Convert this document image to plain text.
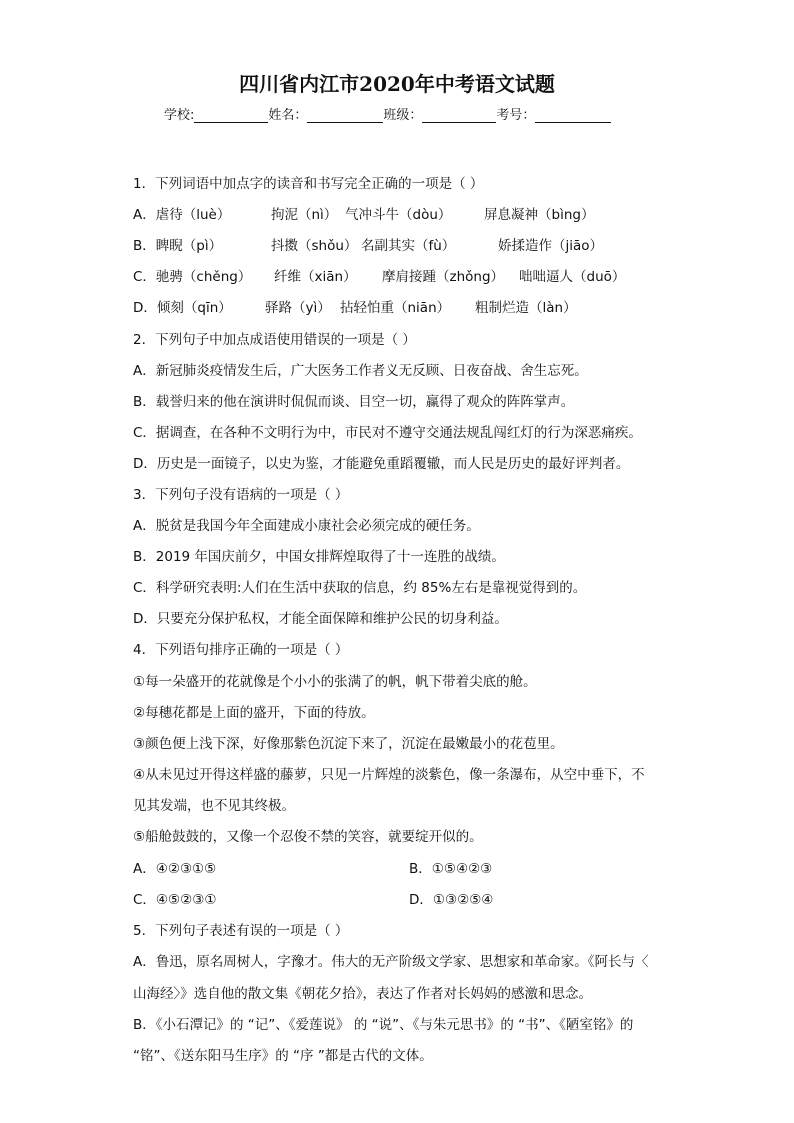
四川省内江市2020年中考语文试题
学校:	姓名：	班级：	考号：
1．下列词语中加点字的读音和书写完全正确的一项是（ ）
A．虐待（luè）	拘泥（nì） 气冲斗牛（dòu） 屏息凝神（bìng）
B．睥睨（pì）	抖擞（shǒu） 名副其实（fù）	娇揉造作（jiāo）
C．驰骋（chěng） 纤维（xiān） 摩肩接踵（zhǒng） 咄咄逼人（duō）
D．倾刻（qīn） 驿路（yì） 拈轻怕重（niān） 粗制烂造（làn）
2．下列句子中加点成语使用错误的一项是（ ）
A．新冠肺炎疫情发生后，广大医务工作者义无反顾、日夜奋战、舍生忘死。
B．载誉归来的他在演讲时侃侃而谈、目空一切，赢得了观众的阵阵掌声。
C．据调查，在各种不文明行为中，市民对不遵守交通法规乱闯红灯的行为深恶痛疾。
D．历史是一面镜子，以史为鉴，才能避免重蹈覆辙，而人民是历史的最好评判者。
3．下列句子没有语病的一项是（ ）
A．脱贫是我国今年全面建成小康社会必须完成的硬任务。
B．2019 年国庆前夕，中国女排辉煌取得了十一连胜的战绩。
C．科学研究表明:人们在生活中获取的信息，约 85%左右是靠视觉得到的。
D．只要充分保护私权，才能全面保障和维护公民的切身利益。
4．下列语句排序正确的一项是（ ）
①每一朵盛开的花就像是个小小的张满了的帆，帆下带着尖底的舱。
②每穗花都是上面的盛开，下面的待放。
③颜色便上浅下深，好像那紫色沉淀下来了，沉淀在最嫩最小的花苞里。
④从未见过开得这样盛的藤萝，只见一片辉煌的淡紫色，像一条瀑布，从空中垂下，不
见其发端，也不见其终极。
⑤船舱鼓鼓的，又像一个忍俊不禁的笑容，就要绽开似的。
A．④②③①⑤	B．①⑤④②③
C．④⑤②③①	D．①③②⑤④
5．下列句子表述有误的一项是（ ）
A．鲁迅，原名周树人，字豫才。伟大的无产阶级文学家、思想家和革命家。《阿长与〈
山海经〉》选自他的散文集《朝花夕拾》，表达了作者对长妈妈的感激和思念。
B．《小石潭记》的 “记”、《爱莲说》 的 “说”、《与朱元思书》的 “书”、《陋室铭》的
“铭”、《送东阳马生序》的 “序 ”都是古代的文体。
